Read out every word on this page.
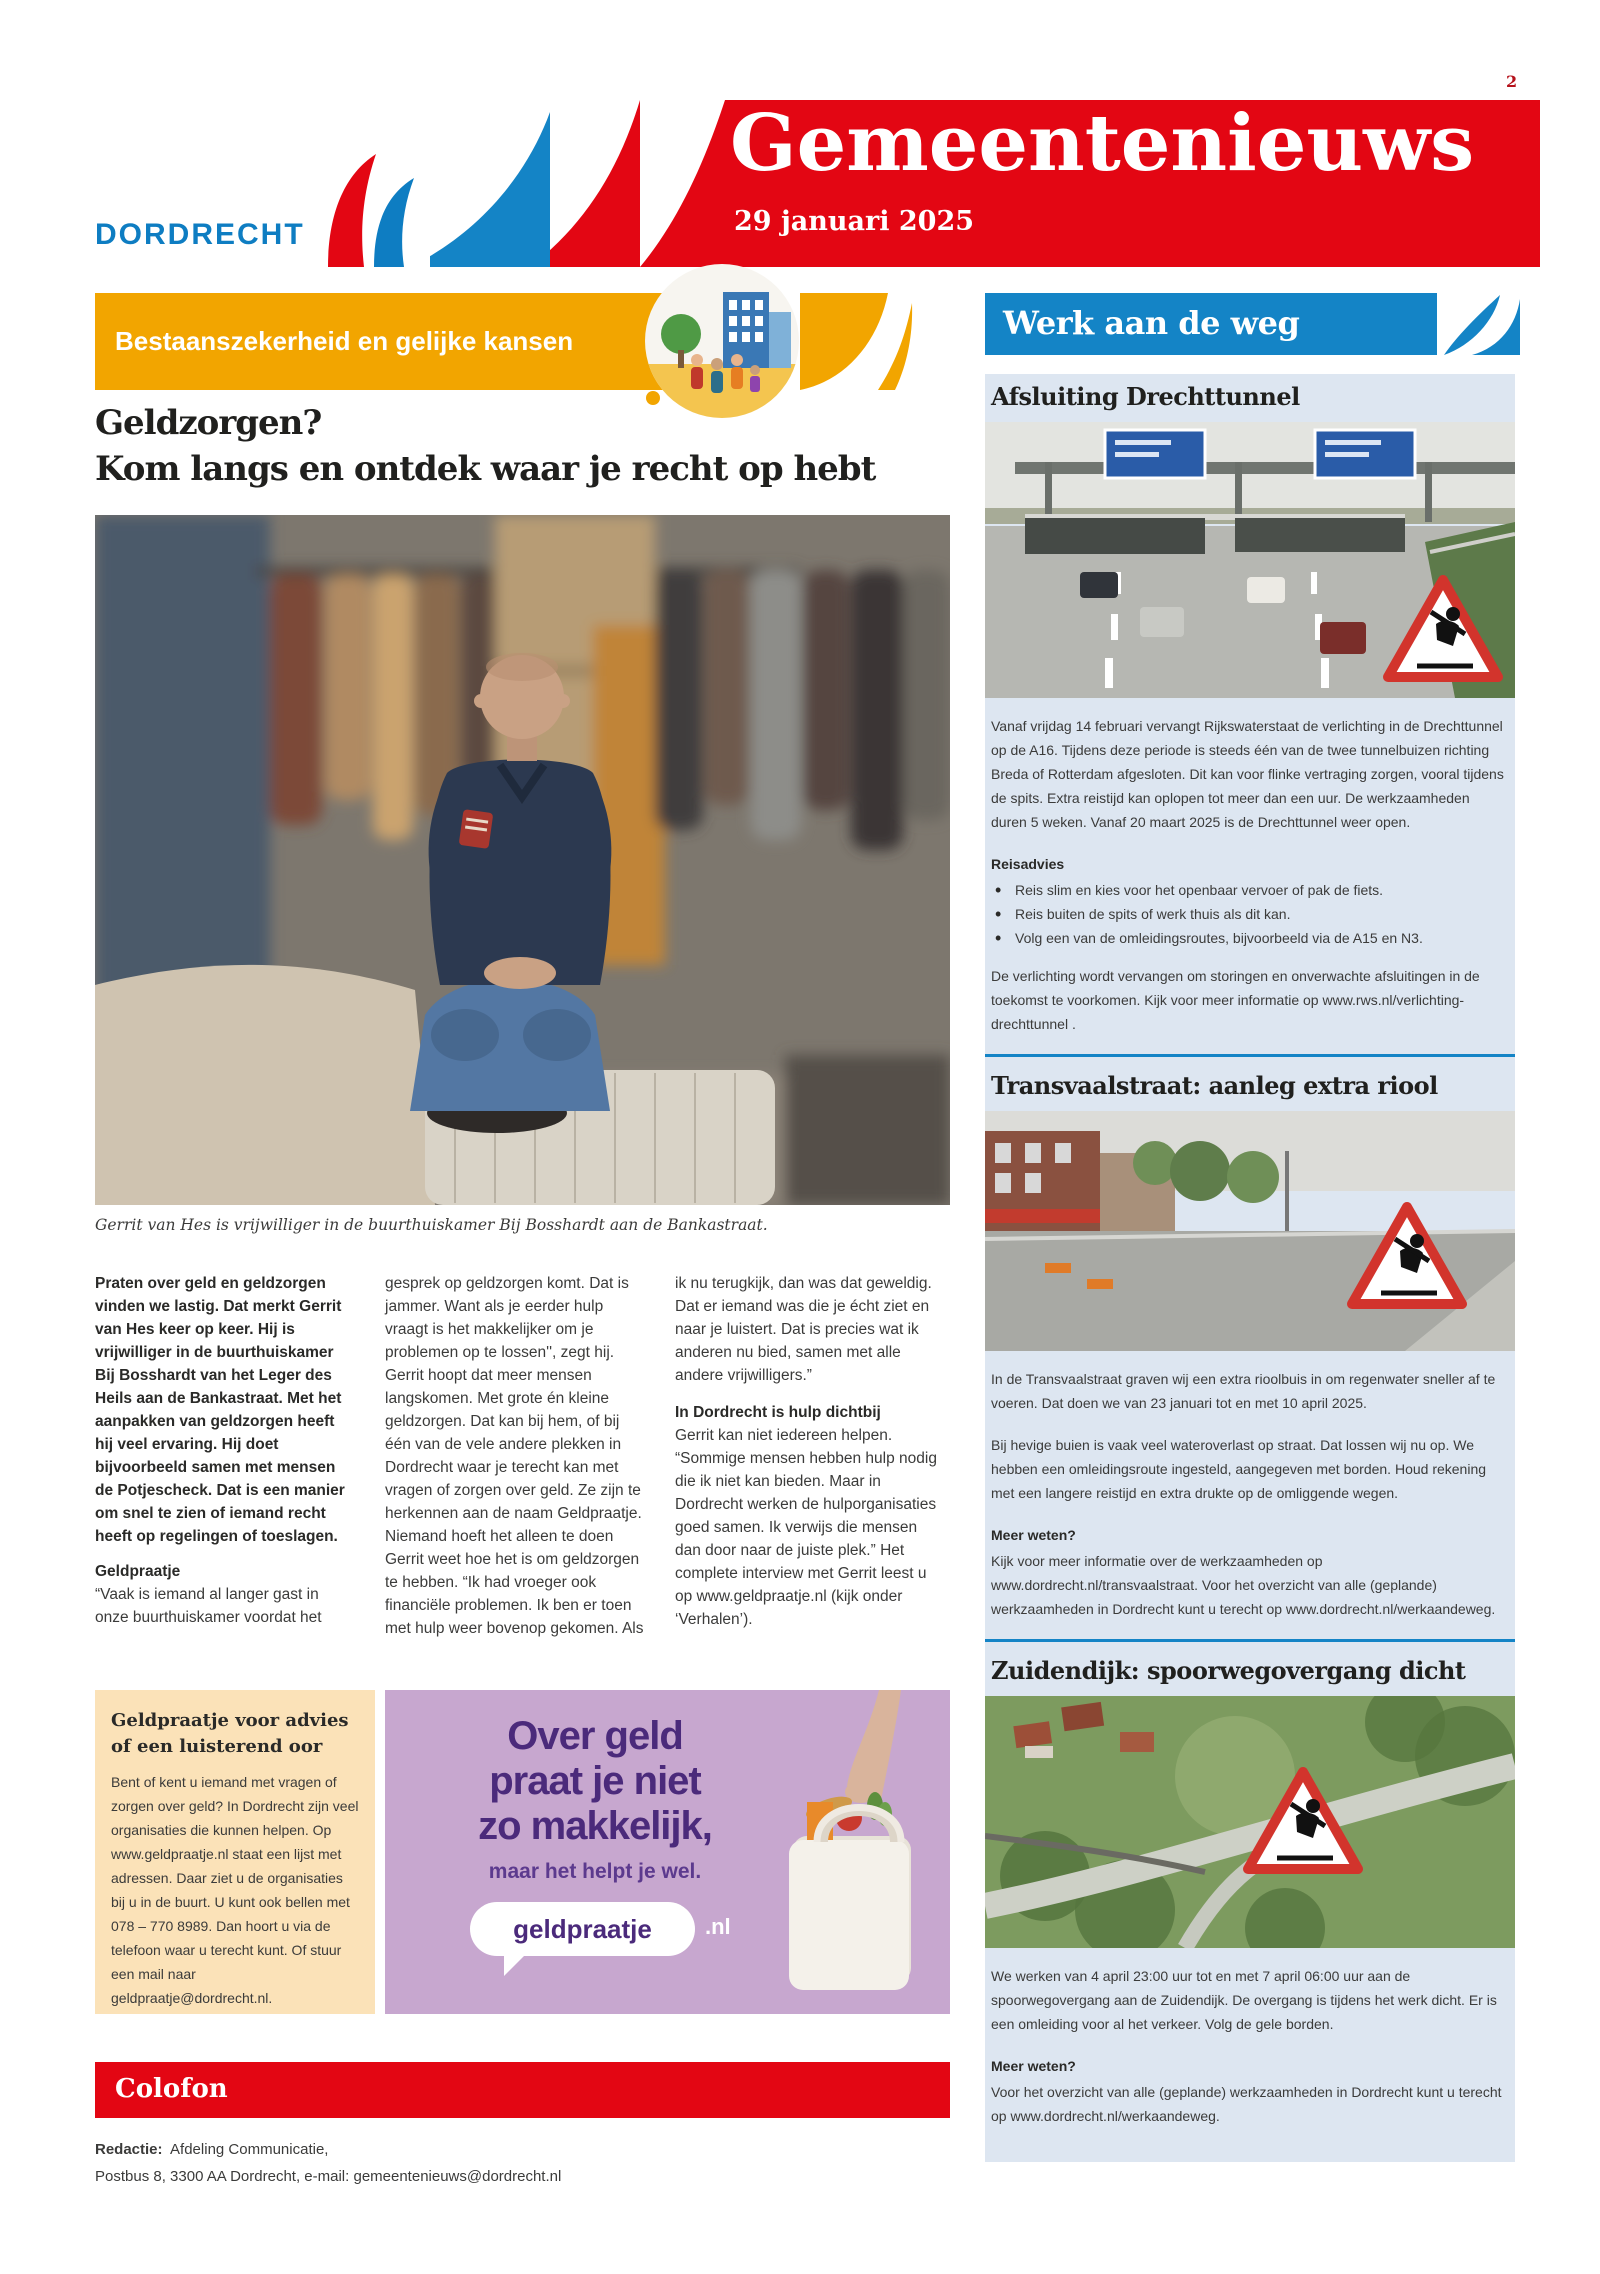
2
DORDRECHT
Gemeentenieuws
29 januari 2025
Bestaanszekerheid en gelijke kansen
Geldzorgen?
Kom langs en ontdek waar je recht op hebt
Gerrit van Hes is vrijwilliger in de buurthuiskamer Bij Bosshardt aan de Bankastraat.

Praten over geld en geldzorgen vinden we lastig. Dat merkt Gerrit van Hes keer op keer. Hij is vrijwilliger in de buurthuiskamer Bij Bosshardt van het Leger des Heils aan de Bankastraat. Met het aanpakken van geldzorgen heeft hij veel ervaring. Hij doet bijvoorbeeld samen met mensen de Potjescheck. Dat is een manier om snel te zien of iemand recht heeft op regelingen of toeslagen.

Geldpraatje

“Vaak is iemand al langer gast in onze buurthuiskamer voordat het

gesprek op geldzorgen komt. Dat is jammer. Want als je eerder hulp vraagt is het makkelijker om je problemen op te lossen'', zegt hij. Gerrit hoopt dat meer mensen langskomen. Met grote én kleine geldzorgen. Dat kan bij hem, of bij één van de vele andere plekken in Dordrecht waar je terecht kan met vragen of zorgen over geld. Ze zijn te herkennen aan de naam Geldpraatje.

Niemand hoeft het alleen te doen

Gerrit weet hoe het is om geldzorgen te hebben. “Ik had vroeger ook financiële problemen. Ik ben er toen met hulp weer bovenop gekomen. Als

ik nu terugkijk, dan was dat geweldig. Dat er iemand was die je écht ziet en naar je luistert. Dat is precies wat ik anderen nu bied, samen met alle andere vrijwilligers.”

In Dordrecht is hulp dichtbij

Gerrit kan niet iedereen helpen. “Sommige mensen hebben hulp nodig die ik niet kan bieden. Maar in Dordrecht werken de hulporganisaties goed samen. Ik verwijs die mensen dan door naar de juiste plek.” Het complete interview met Gerrit leest u op www.geldpraatje.nl (kijk onder ‘Verhalen’).

Geldpraatje voor advies
of een luisterend oor

Bent of kent u iemand met vragen of zorgen over geld? In Dordrecht zijn veel organisaties die kunnen helpen. Op www.geldpraatje.nl staat een lijst met adressen. Daar ziet u de organisaties bij u in de buurt. U kunt ook bellen met 078 – 770 8989. Dan hoort u via de telefoon waar u terecht kunt. Of stuur een mail naar geldpraatje@dordrecht.nl.

Over geld
praat je niet
zo makkelijk,
maar het helpt je wel.
geldpraatje	.nl
Colofon

Redactie: Afdeling Communicatie,

Postbus 8, 3300 AA Dordrecht, e-mail: gemeentenieuws@dordrecht.nl

Werk aan de weg
Afsluiting Drechttunnel

Vanaf vrijdag 14 februari vervangt Rijkswaterstaat de verlichting in de Drechttunnel op de A16. Tijdens deze periode is steeds één van de twee tunnelbuizen richting Breda of Rotterdam afgesloten. Dit kan voor flinke vertraging zorgen, vooral tijdens de spits. Extra reistijd kan oplopen tot meer dan een uur. De werkzaamheden duren 5 weken. Vanaf 20 maart 2025 is de Drechttunnel weer open.

Reisadvies

• Reis slim en kies voor het openbaar vervoer of pak de fiets.
• Reis buiten de spits of werk thuis als dit kan.
• Volg een van de omleidingsroutes, bijvoorbeeld via de A15 en N3.

De verlichting wordt vervangen om storingen en onverwachte afsluitingen in de toekomst te voorkomen. Kijk voor meer informatie op www.rws.nl/verlichting-drechttunnel .

Transvaalstraat: aanleg extra riool

In de Transvaalstraat graven wij een extra rioolbuis in om regenwater sneller af te voeren. Dat doen we van 23 januari tot en met 10 april 2025.

Bij hevige buien is vaak veel wateroverlast op straat. Dat lossen wij nu op. We hebben een omleidingsroute ingesteld, aangegeven met borden. Houd rekening met een langere reistijd en extra drukte op de omliggende wegen.

Meer weten?

Kijk voor meer informatie over de werkzaamheden op www.dordrecht.nl/transvaalstraat. Voor het overzicht van alle (geplande) werkzaamheden in Dordrecht kunt u terecht op www.dordrecht.nl/werkaandeweg.

Zuidendijk: spoorwegovergang dicht

We werken van 4 april 23:00 uur tot en met 7 april 06:00 uur aan de spoorwegovergang aan de Zuidendijk. De overgang is tijdens het werk dicht. Er is een omleiding voor al het verkeer. Volg de gele borden.

Meer weten?

Voor het overzicht van alle (geplande) werkzaamheden in Dordrecht kunt u terecht op www.dordrecht.nl/werkaandeweg.
